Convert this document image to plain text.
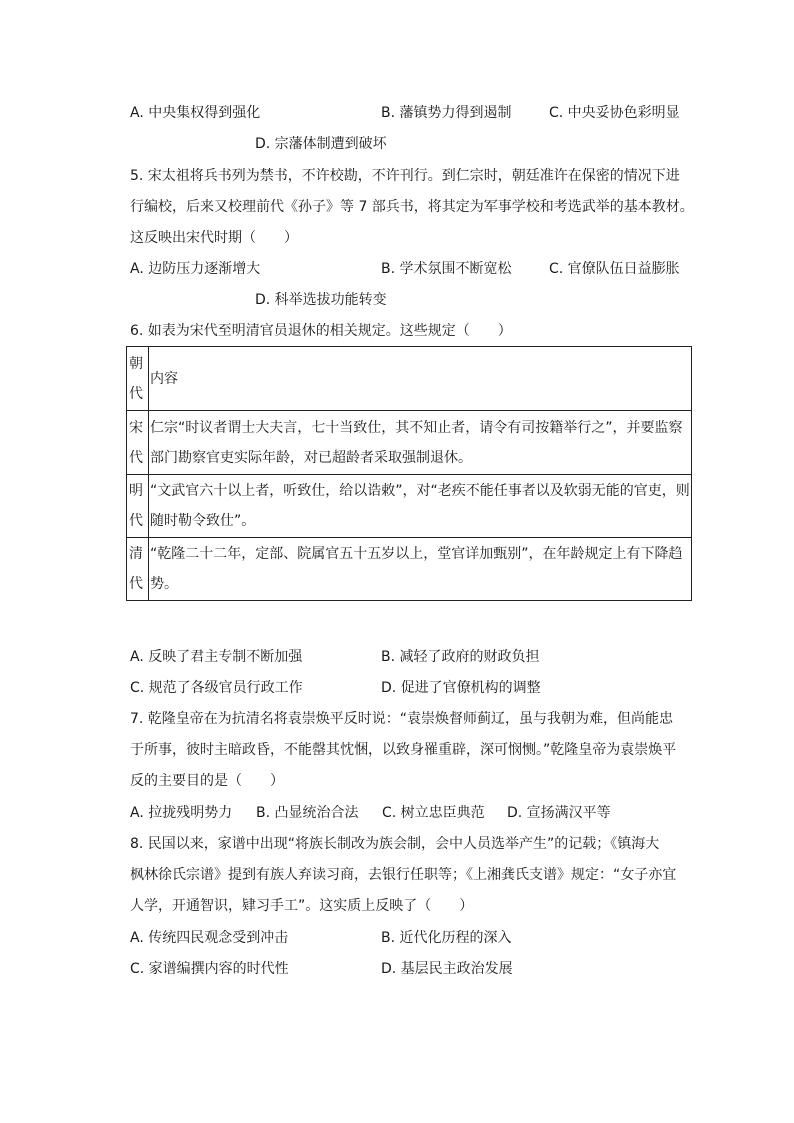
A. 中央集权得到强化	B. 藩镇势力得到遏制	C. 中央妥协色彩明显
D. 宗藩体制遭到破坏
5. 宋太祖将兵书列为禁书，不许校勘，不许刊行。到仁宗时，朝廷准许在保密的情况下进
行编校，后来又校理前代《孙子》等 7 部兵书，将其定为军事学校和考选武举的基本教材。
这反映出宋代时期（　　）
A. 边防压力逐渐增大	B. 学术氛围不断宽松	C. 官僚队伍日益膨胀
D. 科举选拔功能转变
6. 如表为宋代至明清官员退休的相关规定。这些规定（　　）
朝代	内容
宋代	仁宗“时议者谓士大夫言，七十当致仕，其不知止者，请令有司按籍举行之”，并要监察部门勘察官吏实际年龄，对已超龄者采取强制退休。
明代	“文武官六十以上者，听致仕，给以诰敕”，对“老疾不能任事者以及软弱无能的官吏，则随时勒令致仕”。
清代	“乾隆二十二年，定部、院属官五十五岁以上，堂官详加甄别”，在年龄规定上有下降趋势。
A. 反映了君主专制不断加强	B. 减轻了政府的财政负担
C. 规范了各级官员行政工作	D. 促进了官僚机构的调整
7. 乾隆皇帝在为抗清名将袁崇焕平反时说：“袁崇焕督师蓟辽，虽与我朝为难，但尚能忠
于所事，彼时主暗政昏，不能罄其忱悃，以致身罹重辟，深可悯恻。”乾隆皇帝为袁崇焕平
反的主要目的是（　　）
A. 拉拢残明势力 B. 凸显统治合法 C. 树立忠臣典范 D. 宣扬满汉平等
8. 民国以来，家谱中出现“将族长制改为族会制，会中人员选举产生”的记载；《镇海大
枫林徐氏宗谱》提到有族人弃读习商，去银行任职等；《上湘龚氏支谱》规定：“女子亦宜
人学，开通智识，肄习手工”。这实质上反映了（　　）
A. 传统四民观念受到冲击	B. 近代化历程的深入
C. 家谱编撰内容的时代性	D. 基层民主政治发展
